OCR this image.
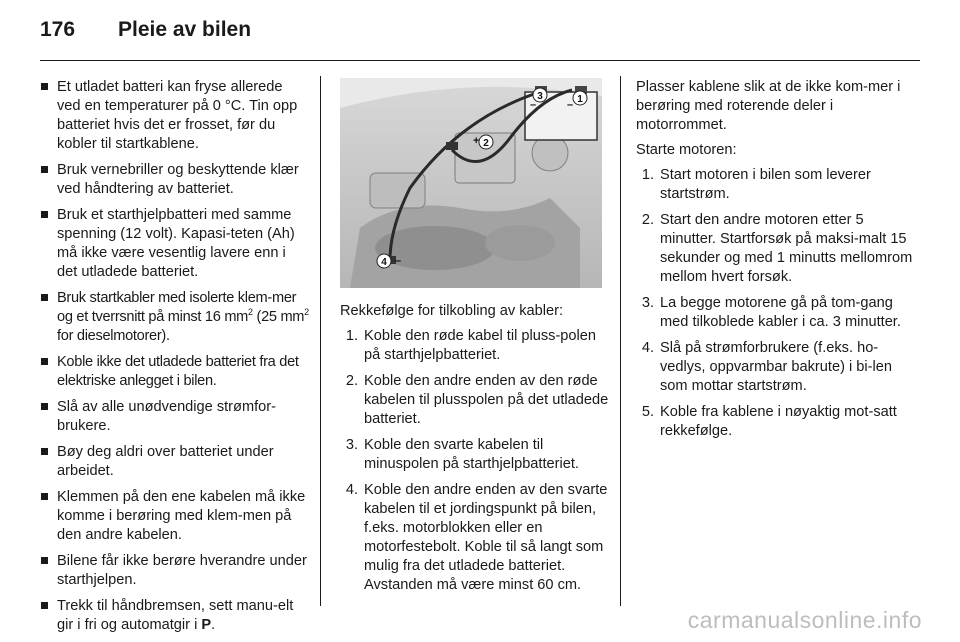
176	Pleie av bilen
Et utladet batteri kan fryse allerede ved en temperaturer på 0 °C. Tin opp batteriet hvis det er frosset, før du kobler til startkablene.
Bruk vernebriller og beskyttende klær ved håndtering av batteriet.
Bruk et starthjelpbatteri med samme spenning (12 volt). Kapasi-teten (Ah) må ikke være vesentlig lavere enn i det utladede batteriet.
Bruk startkabler med isolerte klem-mer og et tverrsnitt på minst 16 $mm^2$ (25 $mm^2$ for dieselmotorer).
Koble ikke det utladede batteriet fra det elektriske anlegget i bilen.
Slå av alle unødvendige strømfor-brukere.
Bøy deg aldri over batteriet under arbeidet.
Klemmen på den ene kabelen må ikke komme i berøring med klem-men på den andre kabelen.
Bilene får ikke berøre hverandre under starthjelpen.
Trekk til håndbremsen, sett manu-elt gir i fri og automatgir i P.
1
3
2
4
+
–	–
–

Rekkefølge for tilkobling av kabler:

1. Koble den røde kabel til pluss-polen på starthjelpbatteriet.
2. Koble den andre enden av den røde kabelen til plusspolen på det utladede batteriet.
3. Koble den svarte kabelen til minuspolen på starthjelpbatteriet.
4. Koble den andre enden av den svarte kabelen til et jordingspunkt på bilen, f.eks. motorblokken eller en motorfestebolt. Koble til så langt som mulig fra det utladede batteriet. Avstanden må være minst 60 cm.

Plasser kablene slik at de ikke kom-mer i berøring med roterende deler i motorrommet.

Starte motoren:

1. Start motoren i bilen som leverer startstrøm.
2. Start den andre motoren etter 5 minutter. Startforsøk på maksi-malt 15 sekunder og med 1 minutts mellomrom mellom hvert forsøk.
3. La begge motorene gå på tom-gang med tilkoblede kabler i ca. 3 minutter.
4. Slå på strømforbrukere (f.eks. ho-vedlys, oppvarmbar bakrute) i bi-len som mottar startstrøm.
5. Koble fra kablene i nøyaktig mot-satt rekkefølge.
carmanualsonline.info
